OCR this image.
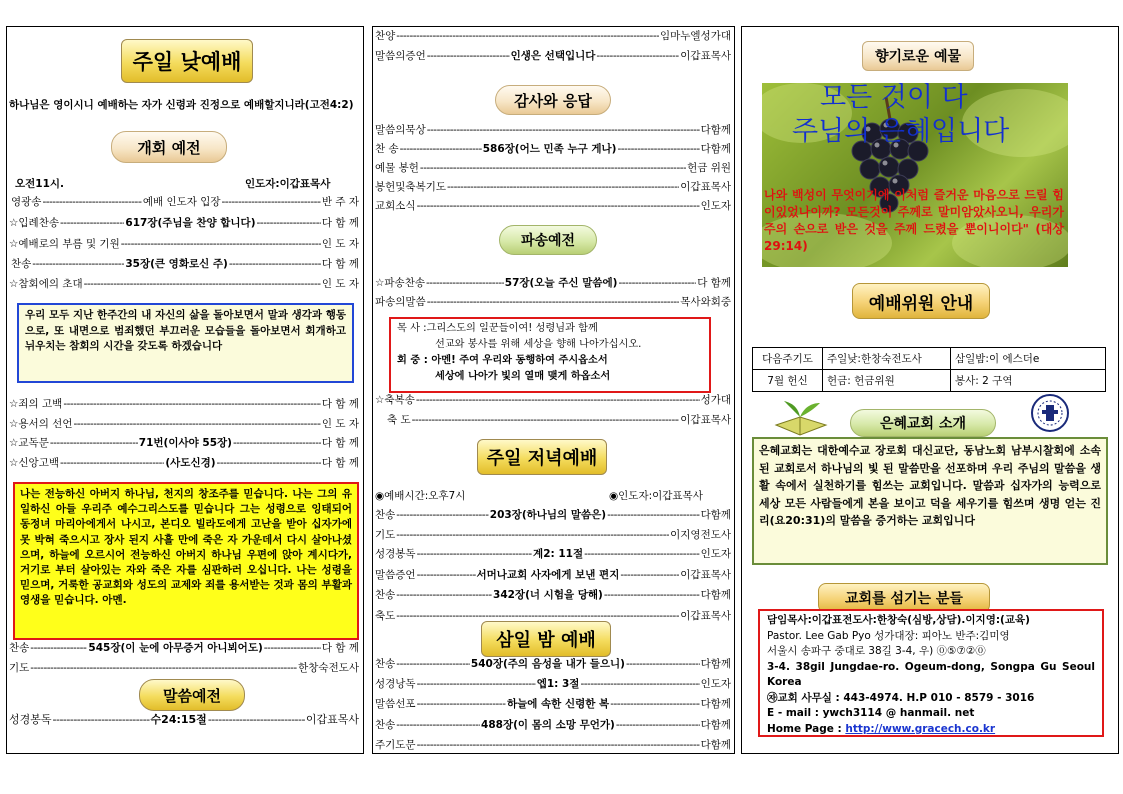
주일 낮예배
하나님은 영이시니 예배하는 자가 신령과 진정으로 예배할지니라(고전4:2)
개회 예전
오전11시.	인도자:이갑표목사
영광송 -----	예배 인도자 입장 -----	반 주 자
☆입례찬송 -----	617장(주님을 찬양 합니다) -----	다 함 께
☆예배로의 부름 및 기원 -----	인 도 자
찬송 -----	35장(큰 영화로신 주) -----	다 함 께
☆참회에의 초대 -----	인 도 자
우리 모두 지난 한주간의 내 자신의 삶을 돌아보면서 말과 생각과 행동으로, 또 내면으로 범죄했던 부끄러운 모습들을 돌아보면서 회개하고 뉘우치는 참회의 시간을 갖도록 하겠습니다
☆죄의 고백 -----	다 함 께
☆용서의 선언 -----	인 도 자
☆교독문 -----	71번(이사야 55장) -----	다 함 께
☆신앙고백 -----	(사도신경) -----	다 함 께
나는 전능하신 아버지 하나님, 천지의 창조주를 믿습니다. 나는 그의 유일하신 아들 우리주 예수그리스도를 믿습니다 그는 성령으로 잉태되어 동정녀 마리아에게서 나시고, 본디오 빌라도에게 고난을 받아 십자가에 못 박혀 죽으시고 장사 된지 사흘 만에 죽은 자 가운데서 다시 살아나셨으며, 하늘에 오르시어 전능하신 아버지 하나님 우편에 앉아 계시다가, 거기로 부터 살아있는 자와 죽은 자를 심판하러 오십니다. 나는 성령을 믿으며, 거룩한 공교회와 성도의 교제와 죄를 용서받는 것과 몸의 부활과 영생을 믿습니다. 아멘.
찬송 -----	545장(이 눈에 아무증거 아니뵈어도) -----	다 함 께
기도 -----	한창숙전도사
말씀예전
성경봉독 -----	수24:15절 -----	이갑표목사
찬양 -----	임마누엘성가대
말씀의증언 -----	인생은 선택입니다 -----	이갑표목사
감사와 응답
말씀의묵상 -----	다함께
찬 송 -----	586장(어느 민족 누구 게나) -----	다함께
예물 봉헌 -----	헌금 위원
봉헌및축복기도 -----	이갑표목사
교회소식 -----	인도자
파송예전
☆파송찬송 -----	57장(오늘 주신 말씀에) -----	다 함께
파송의말씀 -----	목사와회중
목 사 :그리스도의 일꾼들이여! 성령님과 함께
선교와 봉사를 위해 세상을 향해 나아가십시오.
회 중 : 아멘! 주여 우리와 동행하여 주시옵소서
세상에 나아가 빛의 열매 맺게 하옵소서
☆축복송 -----	성가대
축 도 -----	이갑표목사
주일 저녁예배
◉예배시간:오후7시	◉인도자:이갑표목사
찬송 -----	203장(하나님의 말씀은) -----	다함께
기도 -----	이지영전도사
성경봉독 -----	계2: 11절 -----	인도자
말씀증언 -----	서머나교회 사자에게 보낸 편지 -----	이갑표목사
찬송 -----	342장(너 시험을 당해) -----	다함께
축도 -----	이갑표목사
삼일 밤 예배
찬송 -----	540장(주의 음성을 내가 들으니) -----	다함께
성경낭독 -----	엡1: 3절 -----	인도자
말씀선포 -----	하늘에 속한 신령한 복 -----	다함께
찬송 -----	488장(이 몸의 소망 무언가) -----	다함께
주기도문 -----	다함께
향기로운 예물
모든 것이 다
주님의 은혜입니다
나와 백성이 무엇이기에 이처럼 즐거운 마음으로 드릴 힘이있었나이까? 모든것이 주께로 말미암았사오니, 우리가 주의 손으로 받은 것을 주께 드렸을 뿐이니이다" (대상29:14)
예배위원 안내
다음주기도	주일낮:한창숙전도사	삼일밤:이 에스더e
7월 헌신	헌금: 헌금위원	봉사: 2 구역
은혜교회 소개
은혜교회는 대한예수교 장로회 대신교단, 동남노회 남부시찰회에 소속된 교회로서 하나님의 빛 된 말씀만을 선포하며 우리 주님의 말씀을 생활 속에서 실천하기를 힘쓰는 교회입니다. 말씀과 십자가의 능력으로 세상 모든 사람들에게 본을 보이고 덕을 세우기를 힘쓰며 생명 얻는 진리(요20:31)의 말씀을 증거하는 교회입니다
교회를 섬기는 분들
담임목사:이갑표전도사:한창숙(심방,상담).이지영:(교육)
Pastor. Lee Gab Pyo 성가대장: 피아노 반주:김미영
서울시 송파구 중대로 38길 3-4, 우) ⓪⑤⑦②⓪
3-4. 38gil Jungdae-ro. Ogeum-dong, Songpa Gu Seoul Korea
㉶교회 사무실 : 443-4974. H.P 010 - 8579 - 3016
E - mail : ywch3114 @ hanmail. net
Home Page : http://www.gracech.co.kr
